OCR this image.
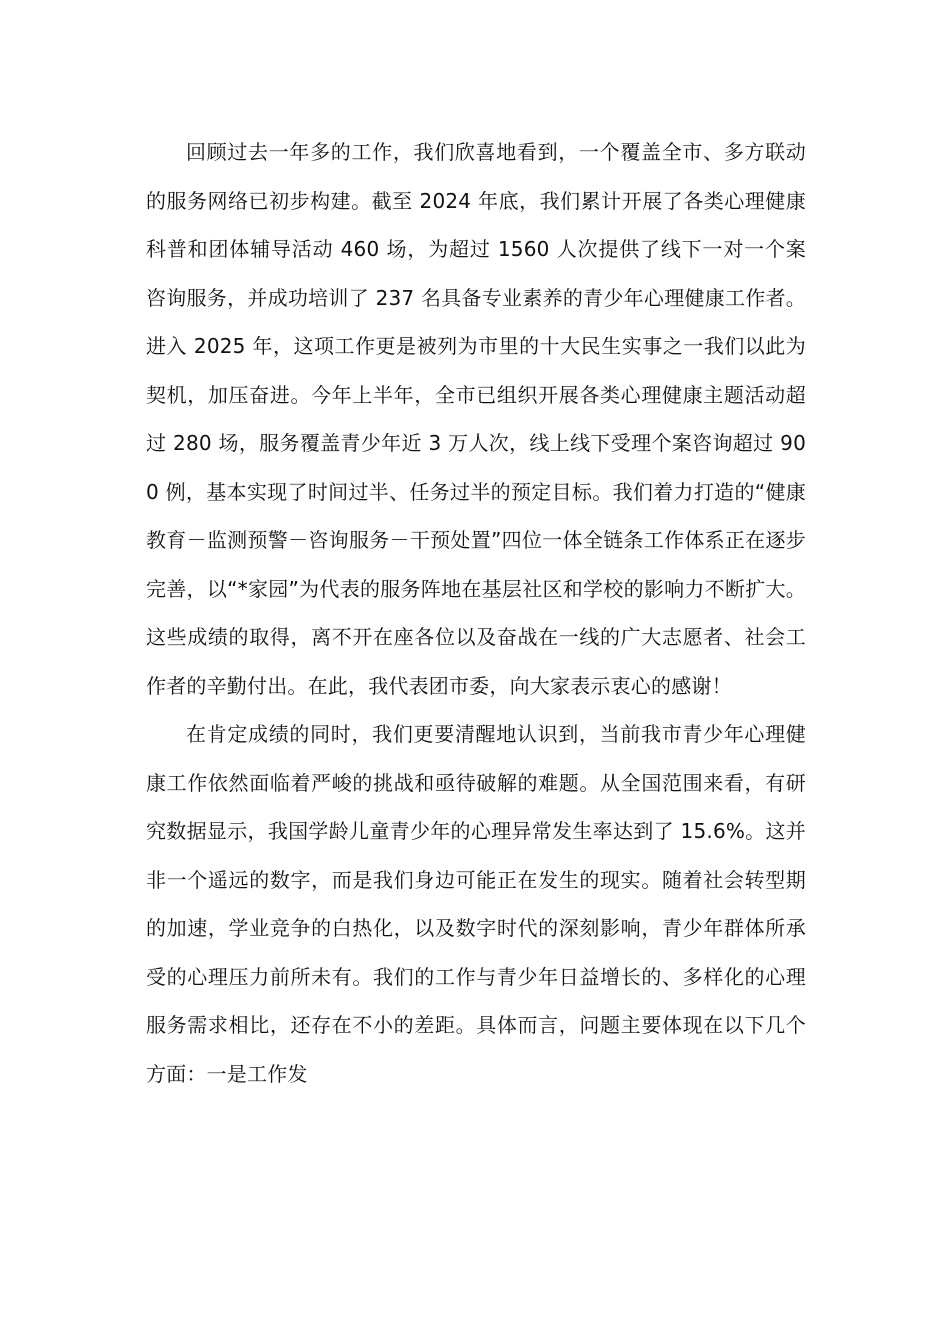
回顾过去一年多的工作，我们欣喜地看到，一个覆盖全市、多方联动的服务网络已初步构建。截至 2024 年底，我们累计开展了各类心理健康科普和团体辅导活动 460 场，为超过 1560 人次提供了线下一对一个案咨询服务，并成功培训了 237 名具备专业素养的青少年心理健康工作者。进入 2025 年，这项工作更是被列为市里的十大民生实事之一我们以此为契机，加压奋进。今年上半年，全市已组织开展各类心理健康主题活动超过 280 场，服务覆盖青少年近 3 万人次，线上线下受理个案咨询超过 900 例，基本实现了时间过半、任务过半的预定目标。我们着力打造的“健康教育－监测预警－咨询服务－干预处置”四位一体全链条工作体系正在逐步完善，以“*家园”为代表的服务阵地在基层社区和学校的影响力不断扩大。这些成绩的取得，离不开在座各位以及奋战在一线的广大志愿者、社会工作者的辛勤付出。在此，我代表团市委，向大家表示衷心的感谢！

在肯定成绩的同时，我们更要清醒地认识到，当前我市青少年心理健康工作依然面临着严峻的挑战和亟待破解的难题。从全国范围来看，有研究数据显示，我国学龄儿童青少年的心理异常发生率达到了 15.6%。这并非一个遥远的数字，而是我们身边可能正在发生的现实。随着社会转型期的加速，学业竞争的白热化，以及数字时代的深刻影响，青少年群体所承受的心理压力前所未有。我们的工作与青少年日益增长的、多样化的心理服务需求相比，还存在不小的差距。具体而言，问题主要体现在以下几个方面：一是工作发
